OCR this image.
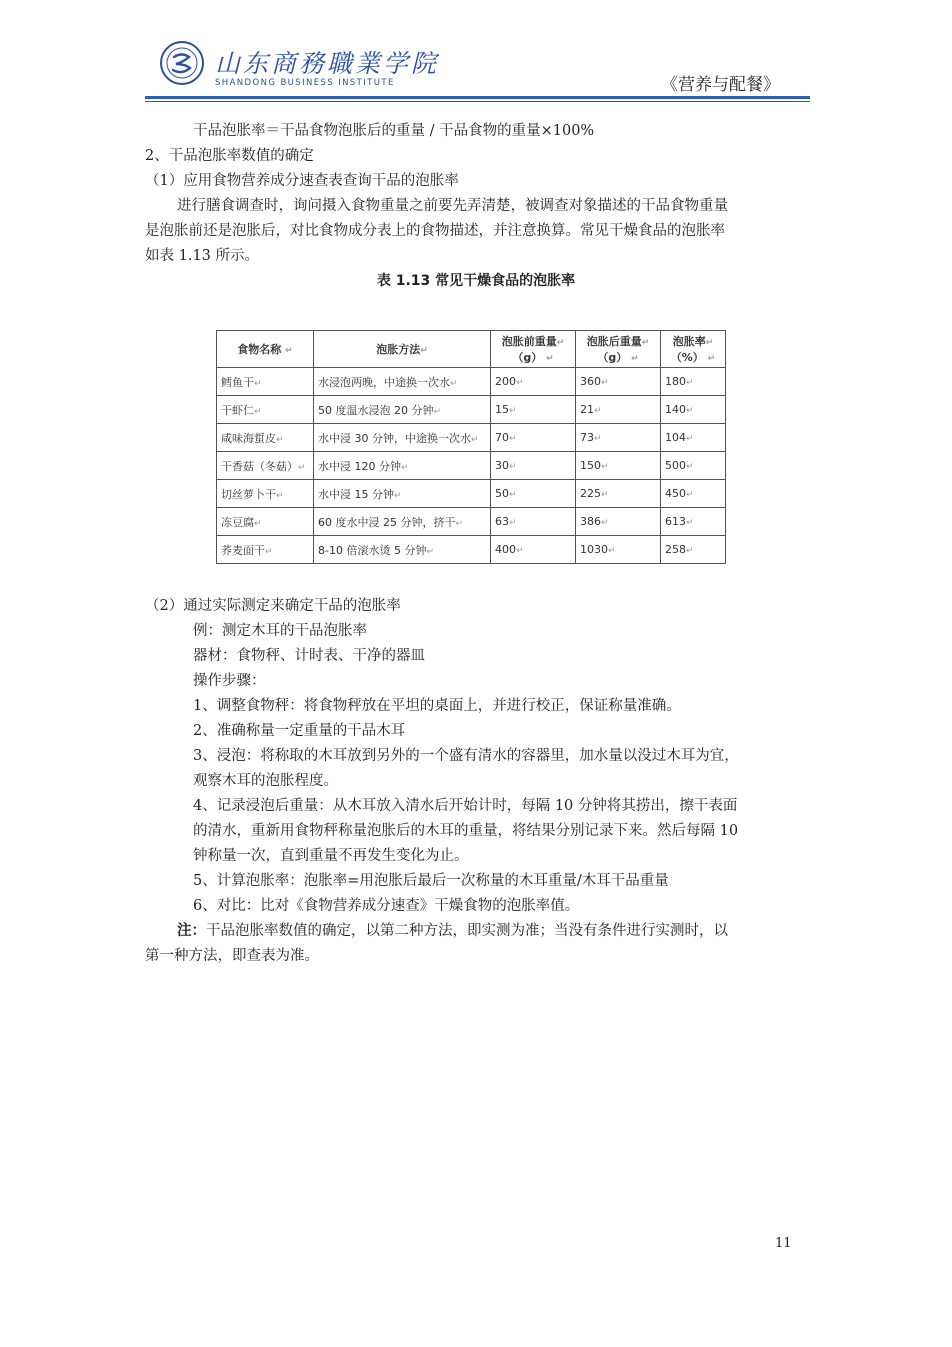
山东商務職業学院
SHANDONG BUSINESS INSTITUTE	《营养与配餐》
干品泡胀率＝干品食物泡胀后的重量 / 干品食物的重量×100%
2、干品泡胀率数值的确定
（1）应用食物营养成分速查表查询干品的泡胀率
进行膳食调查时，询问摄入食物重量之前要先弄清楚，被调查对象描述的干品食物重量
是泡胀前还是泡胀后，对比食物成分表上的食物描述，并注意换算。常见干燥食品的泡胀率
如表 1.13 所示。
表 1.13 常见干燥食品的泡胀率
食物名称 ↵	泡胀方法↵	泡胀前重量↵
（g） ↵	泡胀后重量↵
（g） ↵	泡胀率↵
（%） ↵
鳕鱼干↵	水浸泡两晚，中途换一次水↵	200↵	360↵	180↵
干虾仁↵	50 度温水浸泡 20 分钟↵	15↵	21↵	140↵
咸味海蜇皮↵	水中浸 30 分钟，中途换一次水↵	70↵	73↵	104↵
干香菇（冬菇）↵	水中浸 120 分钟↵	30↵	150↵	500↵
切丝萝卜干↵	水中浸 15 分钟↵	50↵	225↵	450↵
冻豆腐↵	60 度水中浸 25 分钟，挤干↵	63↵	386↵	613↵
荞麦面干↵	8-10 倍滚水烫 5 分钟↵	400↵	1030↵	258↵
（2）通过实际测定来确定干品的泡胀率
例：测定木耳的干品泡胀率
器材：食物秤、计时表、干净的器皿
操作步骤：
1、调整食物秤：将食物秤放在平坦的桌面上，并进行校正，保证称量准确。
2、准确称量一定重量的干品木耳
3、浸泡：将称取的木耳放到另外的一个盛有清水的容器里，加水量以没过木耳为宜，
观察木耳的泡胀程度。
4、记录浸泡后重量：从木耳放入清水后开始计时，每隔 10 分钟将其捞出，擦干表面
的清水，重新用食物秤称量泡胀后的木耳的重量，将结果分别记录下来。然后每隔 10
钟称量一次，直到重量不再发生变化为止。
5、计算泡胀率：泡胀率=用泡胀后最后一次称量的木耳重量/木耳干品重量
6、对比：比对《食物营养成分速查》干燥食物的泡胀率值。
注：干品泡胀率数值的确定，以第二种方法，即实测为准；当没有条件进行实测时，以
第一种方法，即查表为准。
11
